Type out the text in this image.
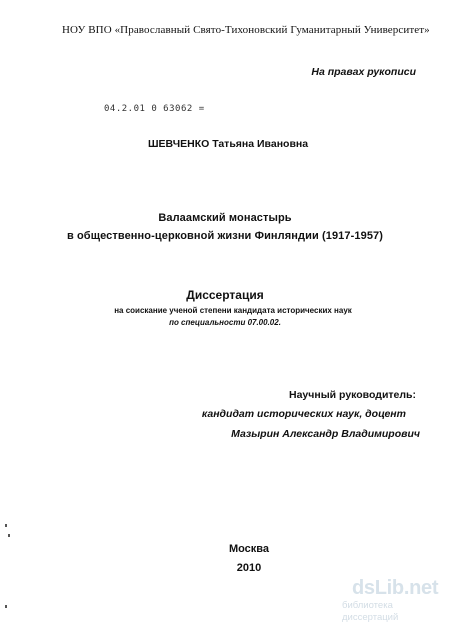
НОУ ВПО «Православный Свято-Тихоновский Гуманитарный Университет»
На правах рукописи
04.2.01 0 63062 =
ШЕВЧЕНКО Татьяна Ивановна
Валаамский монастырь
в общественно-церковной жизни Финляндии (1917-1957)
Диссертация
на соискание ученой степени кандидата исторических наук
по специальности 07.00.02.
Научный руководитель:
кандидат исторических наук, доцент
Мазырин Александр Владимирович
Москва
2010
dsLib.net
библиотека диссертаций
